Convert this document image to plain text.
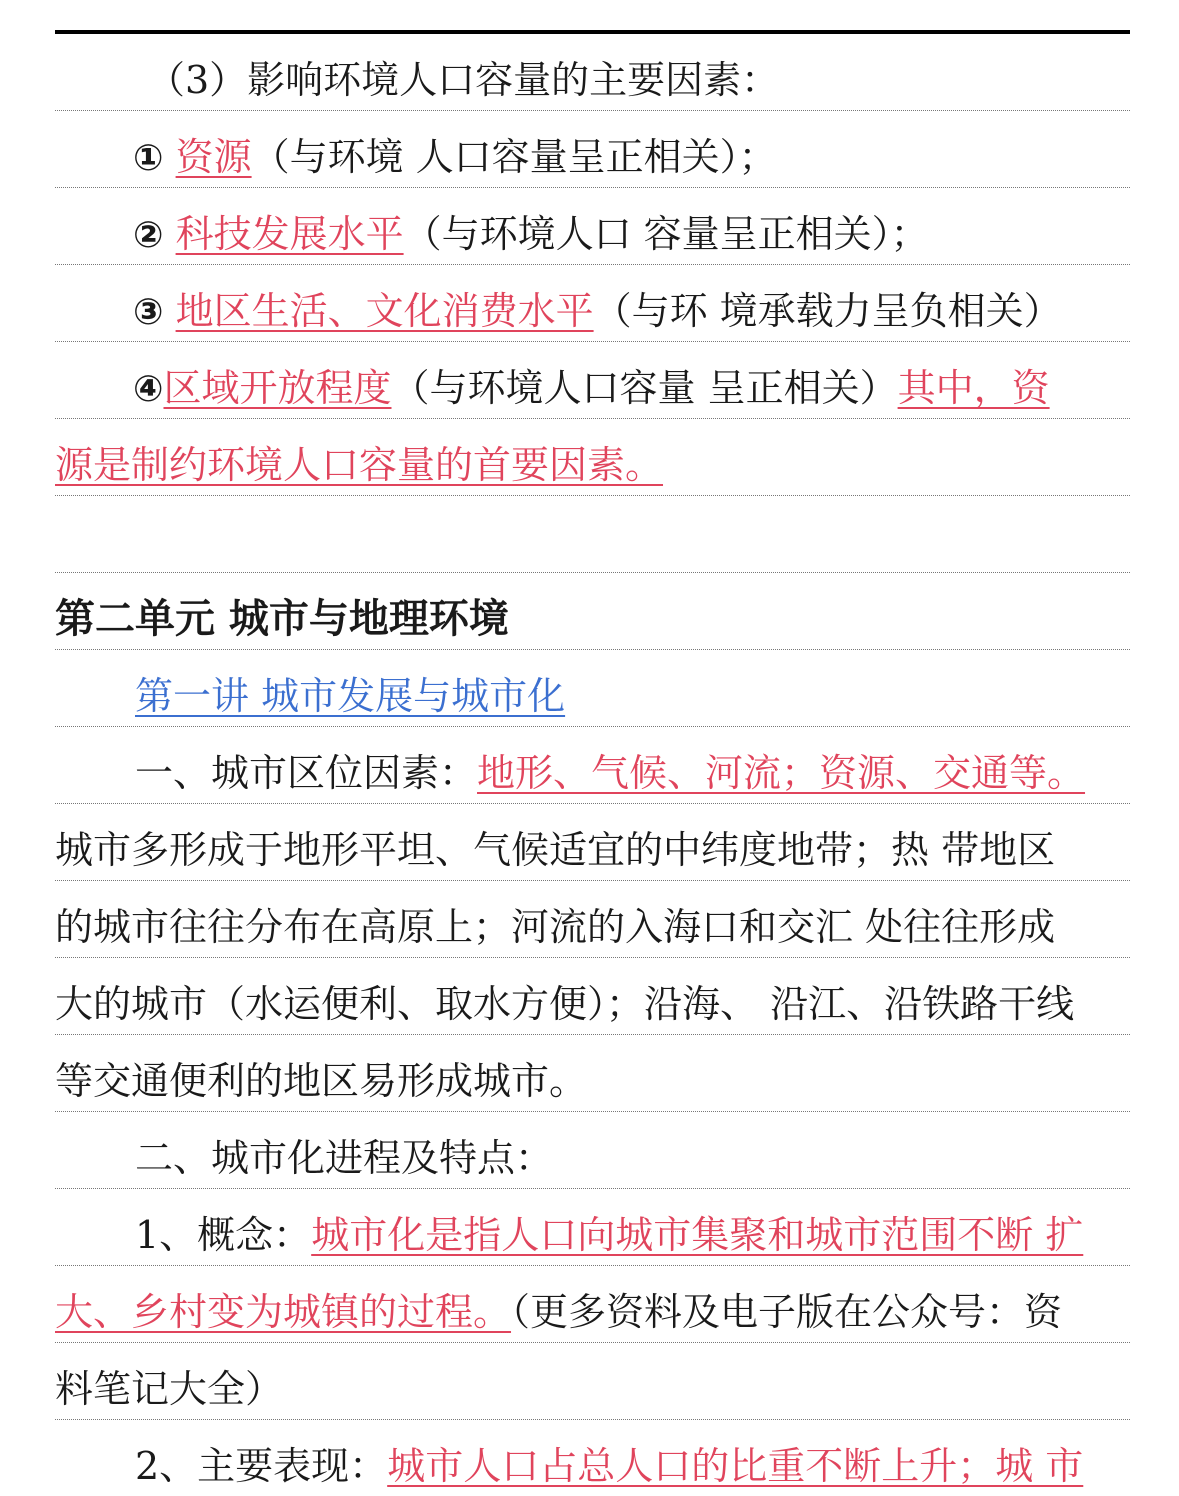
（3）影响环境人口容量的主要因素：
① 资源（与环境 人口容量呈正相关）；
② 科技发展水平（与环境人口 容量呈正相关）；
③ 地区生活、文化消费水平（与环 境承载力呈负相关）
④区域开放程度（与环境人口容量 呈正相关）其中，资
源是制约环境人口容量的首要因素。
第二单元 城市与地理环境
第一讲 城市发展与城市化
一、城市区位因素：地形、气候、河流；资源、交通等。
城市多形成于地形平坦、气候适宜的中纬度地带；热 带地区
的城市往往分布在高原上；河流的入海口和交汇 处往往形成
大的城市（水运便利、取水方便）；沿海、 沿江、沿铁路干线
等交通便利的地区易形成城市。
二、城市化进程及特点：
1、概念：城市化是指人口向城市集聚和城市范围不断 扩
大、乡村变为城镇的过程。（更多资料及电子版在公众号：资
料笔记大全）
2、主要表现：城市人口占总人口的比重不断上升；城 市
